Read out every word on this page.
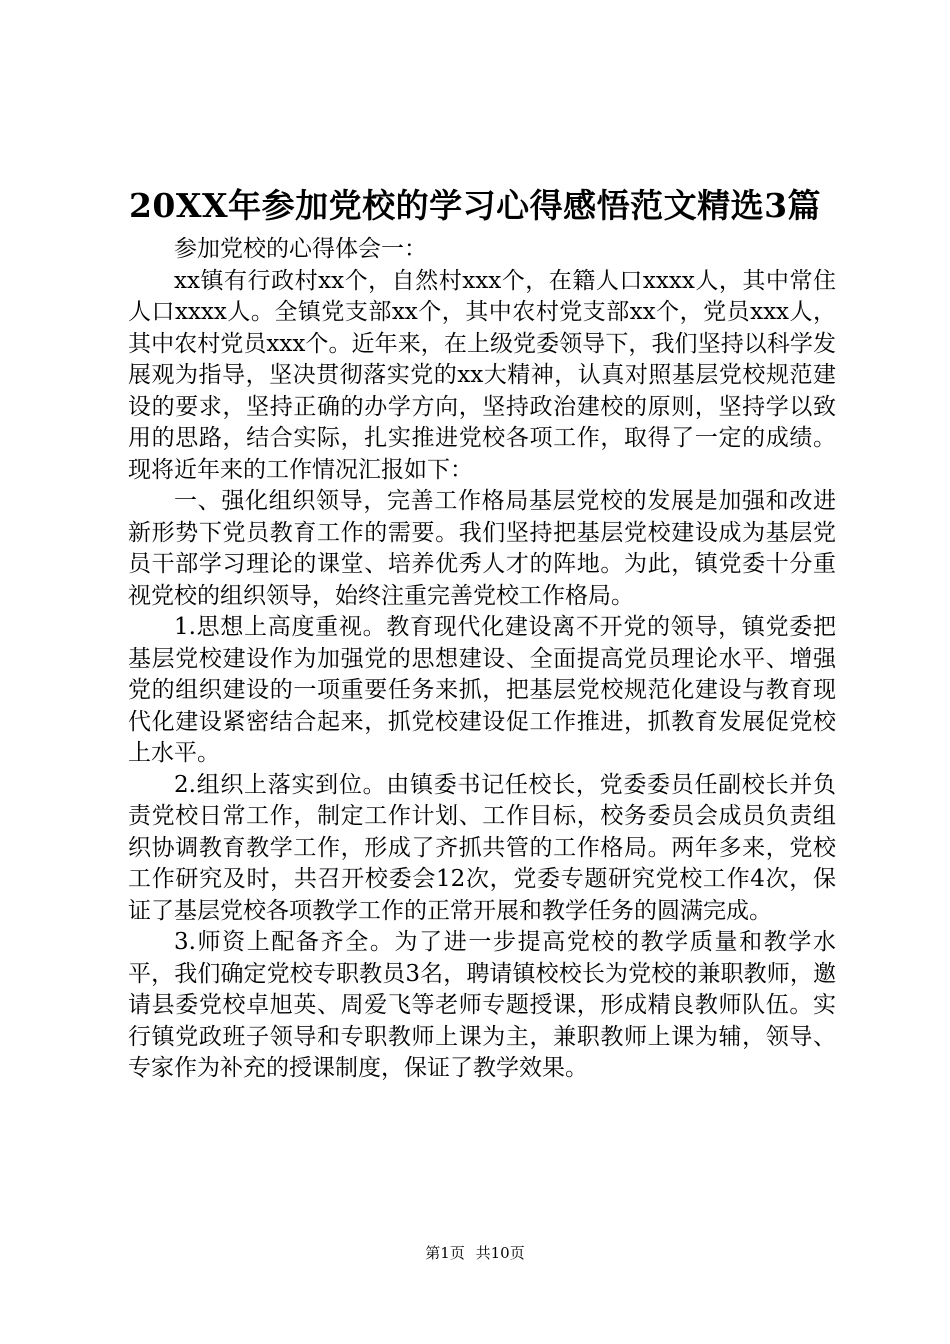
20XX年参加党校的学习心得感悟范文精选3篇

参加党校的心得体会一：

xx镇有行政村xx个，自然村xxx个，在籍人口xxxx人，其中常住人口xxxx人。全镇党支部xx个，其中农村党支部xx个，党员xxx人，其中农村党员xxx个。近年来，在上级党委领导下，我们坚持以科学发展观为指导，坚决贯彻落实党的xx大精神，认真对照基层党校规范建设的要求，坚持正确的办学方向，坚持政治建校的原则，坚持学以致用的思路，结合实际，扎实推进党校各项工作，取得了一定的成绩。现将近年来的工作情况汇报如下：

一、强化组织领导，完善工作格局基层党校的发展是加强和改进新形势下党员教育工作的需要。我们坚持把基层党校建设成为基层党员干部学习理论的课堂、培养优秀人才的阵地。为此，镇党委十分重视党校的组织领导，始终注重完善党校工作格局。

1.思想上高度重视。教育现代化建设离不开党的领导，镇党委把基层党校建设作为加强党的思想建设、全面提高党员理论水平、增强党的组织建设的一项重要任务来抓，把基层党校规范化建设与教育现代化建设紧密结合起来，抓党校建设促工作推进，抓教育发展促党校上水平。

2.组织上落实到位。由镇委书记任校长，党委委员任副校长并负责党校日常工作，制定工作计划、工作目标，校务委员会成员负责组织协调教育教学工作，形成了齐抓共管的工作格局。两年多来，党校工作研究及时，共召开校委会12次，党委专题研究党校工作4次，保证了基层党校各项教学工作的正常开展和教学任务的圆满完成。

3.师资上配备齐全。为了进一步提高党校的教学质量和教学水平，我们确定党校专职教员3名，聘请镇校校长为党校的兼职教师，邀请县委党校卓旭英、周爱飞等老师专题授课，形成精良教师队伍。实行镇党政班子领导和专职教师上课为主，兼职教师上课为辅，领导、专家作为补充的授课制度，保证了教学效果。

第1页 共10页
